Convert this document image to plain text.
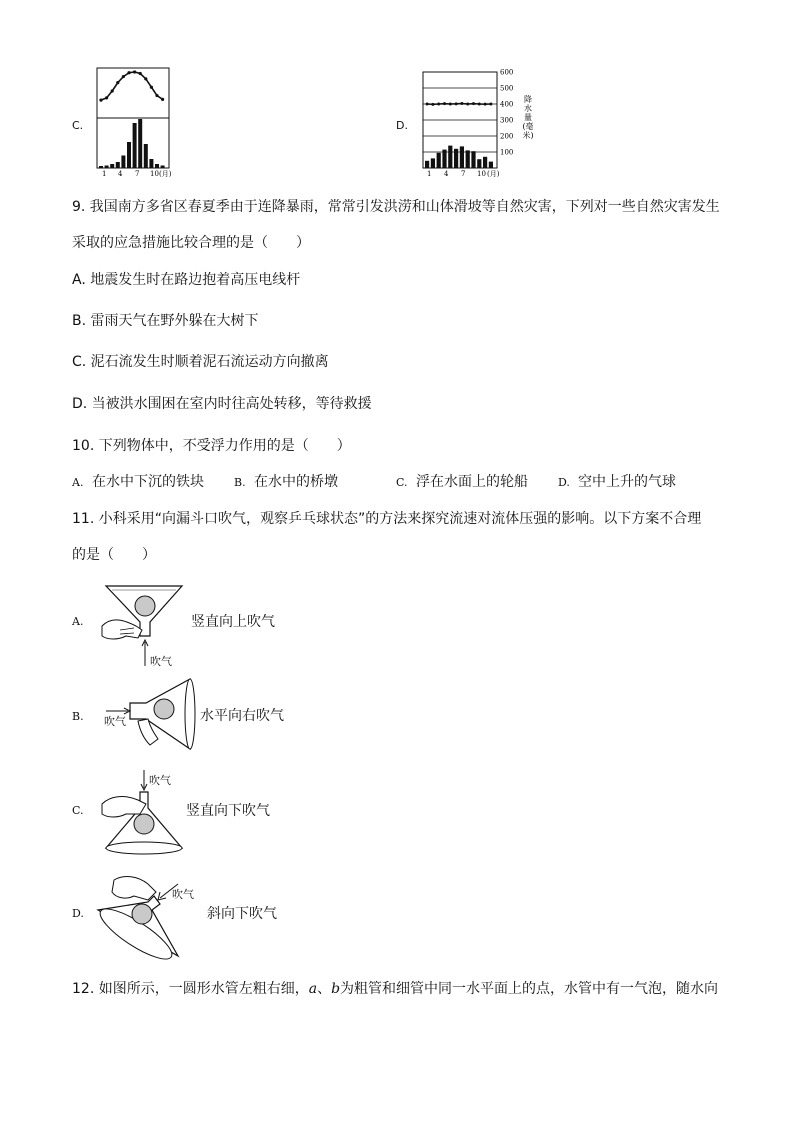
C.
1 4 7 10 (月)
D.
600
500
400
300
200
100
降
水
量
(毫
米)
1 4 7 10 (月)
9. 我国南方多省区春夏季由于连降暴雨，常常引发洪涝和山体滑坡等自然灾害，下列对一些自然灾害发生
采取的应急措施比较合理的是（　　）
A. 地震发生时在路边抱着高压电线杆
B. 雷雨天气在野外躲在大树下
C. 泥石流发生时顺着泥石流运动方向撤离
D. 当被洪水围困在室内时往高处转移，等待救援
10. 下列物体中，不受浮力作用的是（　　）
A. 在水中下沉的铁块	B. 在水中的桥墩	C. 浮在水面上的轮船	D. 空中上升的气球
11. 小科采用“向漏斗口吹气，观察乒乓球状态”的方法来探究流速对流体压强的影响。以下方案不合理
的是（　　）
A.
吹气
竖直向上吹气
B. 吹气	水平向右吹气
C.
吹气
竖直向下吹气
D.
吹气
斜向下吹气
12. 如图所示，一圆形水管左粗右细，a、b为粗管和细管中同一水平面上的点，水管中有一气泡，随水向
